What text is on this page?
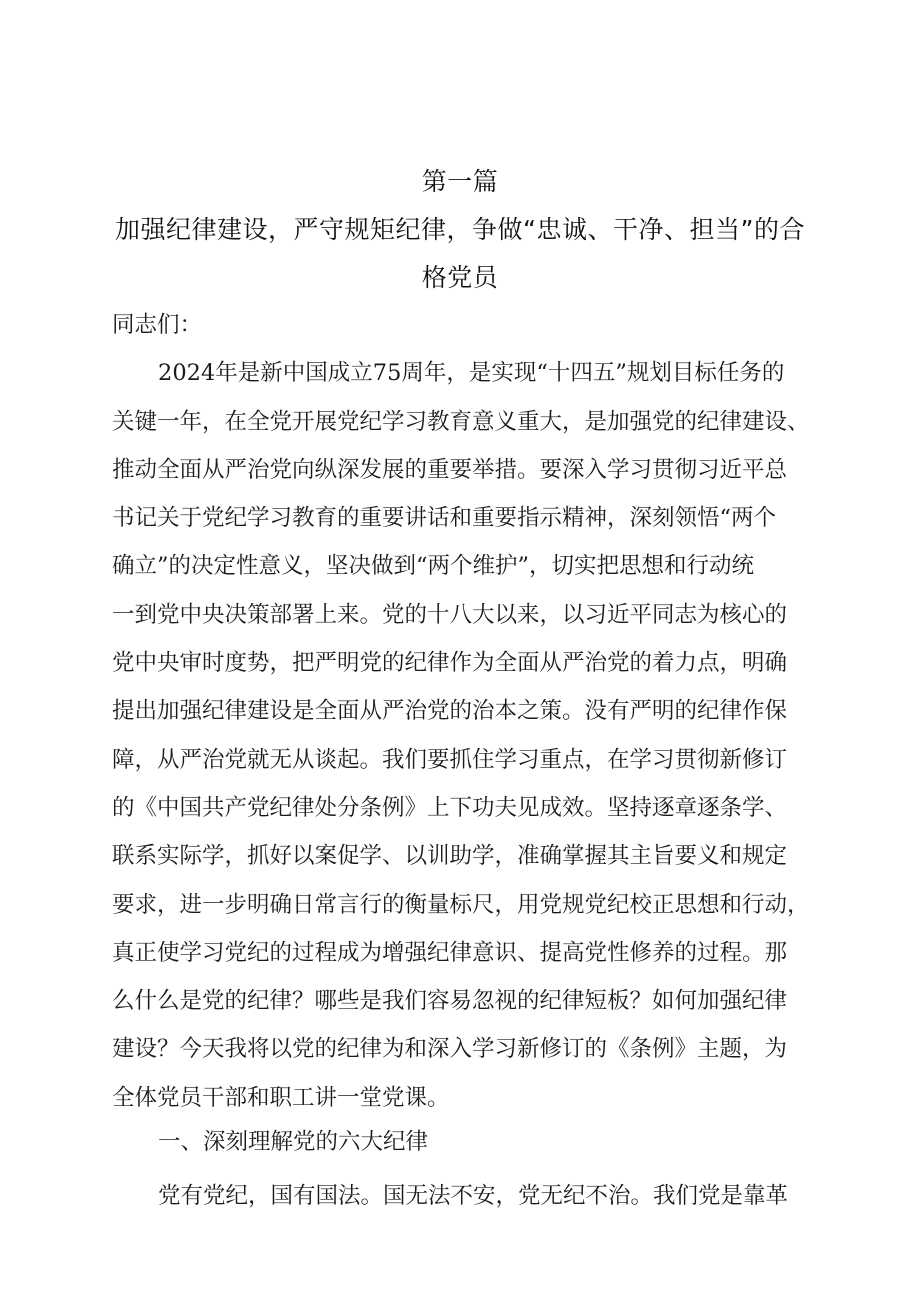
第一篇
加强纪律建设，严守规矩纪律，争做“忠诚、干净、担当”的合
格党员
同志们：
2024年是新中国成立75周年，是实现“十四五”规划目标任务的
关键一年，在全党开展党纪学习教育意义重大，是加强党的纪律建设、
推动全面从严治党向纵深发展的重要举措。要深入学习贯彻习近平总
书记关于党纪学习教育的重要讲话和重要指示精神，深刻领悟“两个
确立”的决定性意义，坚决做到“两个维护”，切实把思想和行动统
一到党中央决策部署上来。党的十八大以来，以习近平同志为核心的
党中央审时度势，把严明党的纪律作为全面从严治党的着力点，明确
提出加强纪律建设是全面从严治党的治本之策。没有严明的纪律作保
障，从严治党就无从谈起。我们要抓住学习重点，在学习贯彻新修订
的《中国共产党纪律处分条例》上下功夫见成效。坚持逐章逐条学、
联系实际学，抓好以案促学、以训助学，准确掌握其主旨要义和规定
要求，进一步明确日常言行的衡量标尺，用党规党纪校正思想和行动，
真正使学习党纪的过程成为增强纪律意识、提高党性修养的过程。那
么什么是党的纪律？哪些是我们容易忽视的纪律短板？如何加强纪律
建设？今天我将以党的纪律为和深入学习新修订的《条例》主题，为
全体党员干部和职工讲一堂党课。
一、深刻理解党的六大纪律
党有党纪，国有国法。国无法不安，党无纪不治。我们党是靠革
